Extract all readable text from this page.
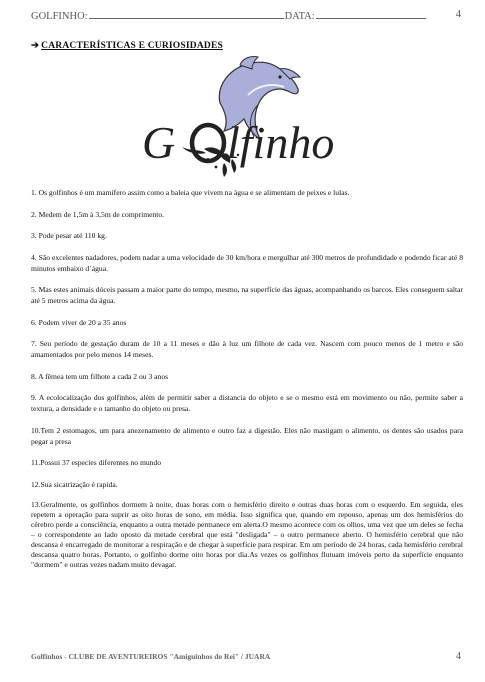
GOLFINHO:	DATA:	4
➔ CARACTERÍSTICAS E CURIOSIDADES
G lfinho

1. Os golfinhos é um mamífero assim como a baleia que vivem na água e se alimentam de peixes e lulas.

2. Medem de 1,5m à 3,5m de comprimento.

3. Pode pesar até 110 kg.

4. São excelentes nadadores, podem nadar a uma velocidade de 30 km/hora e mergulhar até 300 metros de profundidade e podendo ficar até 8 minutos embaixo d´água.

5. Mas estes animais dóceis passam a maior parte do tempo, mesmo, na superfície das águas, acompanhando os barcos. Eles conseguem saltar até 5 metros acima da água.

6. Podem viver de 20 a 35 anos

7. Seu período de gestação duram de 10 a 11 meses e dão à luz um filhote de cada vez. Nascem com pouco menos de 1 metro e são amamentados por pelo menos 14 meses.

8. A fêmea tem um filhote a cada 2 ou 3 anos

9. A ecolocalização dos golfinhos, além de permitir saber a distancia do objeto e se o mesmo está em movimento ou não, permite saber a textura, a densidade e o tamanho do objeto ou presa.

10.Tem 2 estomagos, um para anezenamento de alimento e outro faz a digestão. Eles não mastigam o alimento, os dentes são usados para pegar a presa

11.Possui 37 especies diferentes no mundo

12.Sua sicatrização é rapida.

13.Geralmente, os golfinhos dormem à noite, duas horas com o hemisfério direito e outras duas horas com o esquerdo. Em seguida, eles repetem a operação para suprir as oito horas de sono, em média. Isso significa que, quando em repouso, apenas um dos hemisférios do cérebro perde a consciência, enquanto a outra metade permanece em alerta.O mesmo acontece com os olhos, uma vez que um deles se fecha – o correspondente ao lado oposto da metade cerebral que está "desligada" – o outro permanece aberto. O hemisfério cerebral que não descansa é encarregado de monitorar a respiração e de chegar à superfície para respirar. Em um período de 24 horas, cada hemisfério cerebral descansa quatro horas. Portanto, o golfinho dorme oito horas por dia.As vezes os golfinhos flutuam imóveis perto da superfície enquanto "dormem" e outras vezes nadam muito devagar.

Golfinhos - CLUBE DE AVENTUREIROS "Amiguinhos do Rei" / JUARA	4
